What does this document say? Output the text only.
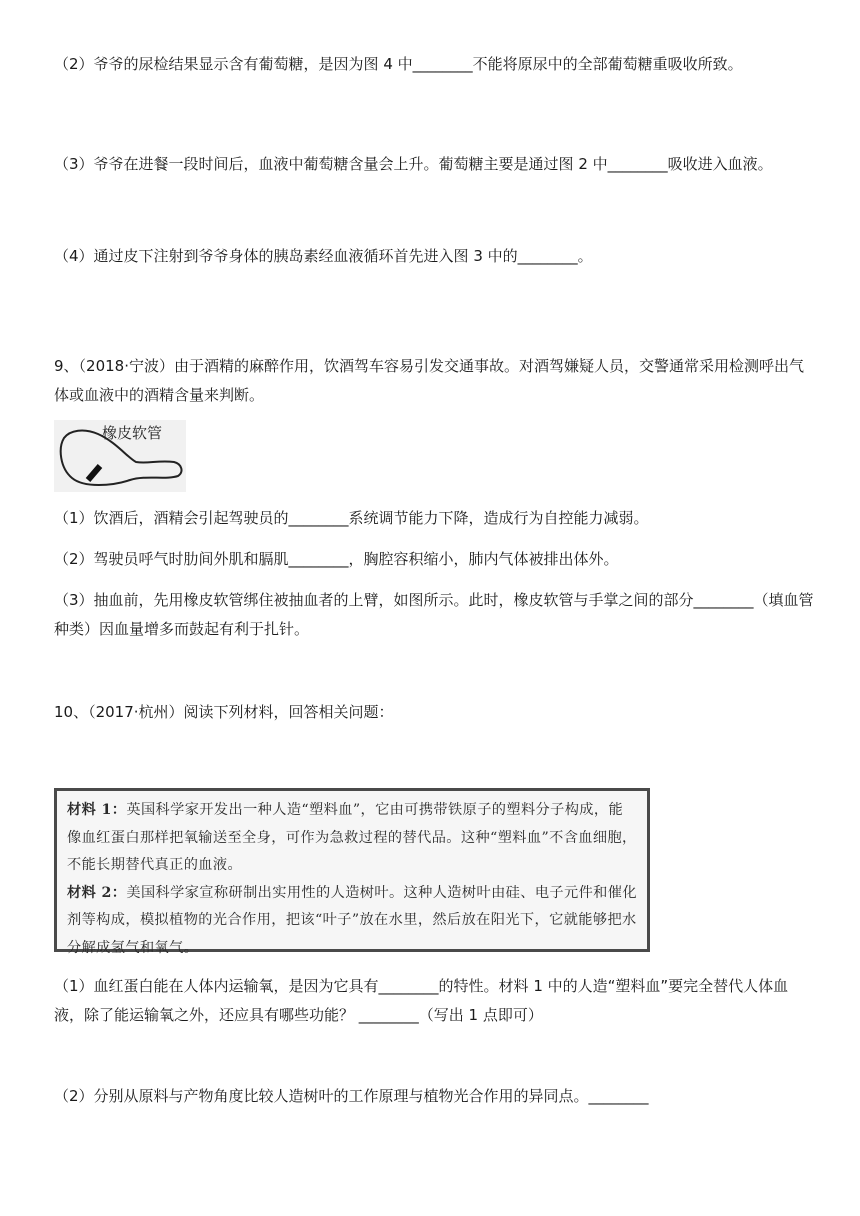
（2）爷爷的尿检结果显示含有葡萄糖，是因为图 4 中________不能将原尿中的全部葡萄糖重吸收所致。
（3）爷爷在进餐一段时间后，血液中葡萄糖含量会上升。葡萄糖主要是通过图 2 中________吸收进入血液。
（4）通过皮下注射到爷爷身体的胰岛素经血液循环首先进入图 3 中的________。
9、（2018·宁波）由于酒精的麻醉作用，饮酒驾车容易引发交通事故。对酒驾嫌疑人员，交警通常采用检测呼出气体或血液中的酒精含量来判断。
橡皮软管
（1）饮酒后，酒精会引起驾驶员的________系统调节能力下降，造成行为自控能力减弱。
（2）驾驶员呼气时肋间外肌和膈肌________，胸腔容积缩小，肺内气体被排出体外。
（3）抽血前，先用橡皮软管绑住被抽血者的上臂，如图所示。此时，橡皮软管与手掌之间的部分________（填血管种类）因血量增多而鼓起有利于扎针。
10、（2017·杭州）阅读下列材料，回答相关问题：
材料 1：英国科学家开发出一种人造“塑料血”，它由可携带铁原子的塑料分子构成，能像血红蛋白那样把氧输送至全身，可作为急救过程的替代品。这种“塑料血”不含血细胞，不能长期替代真正的血液。
材料 2：美国科学家宣称研制出实用性的人造树叶。这种人造树叶由硅、电子元件和催化剂等构成，模拟植物的光合作用，把该“叶子”放在水里，然后放在阳光下，它就能够把水分解成氢气和氧气。
（1）血红蛋白能在人体内运输氧，是因为它具有________的特性。材料 1 中的人造“塑料血”要完全替代人体血液，除了能运输氧之外，还应具有哪些功能？ ________（写出 1 点即可）
（2）分别从原料与产物角度比较人造树叶的工作原理与植物光合作用的异同点。________
